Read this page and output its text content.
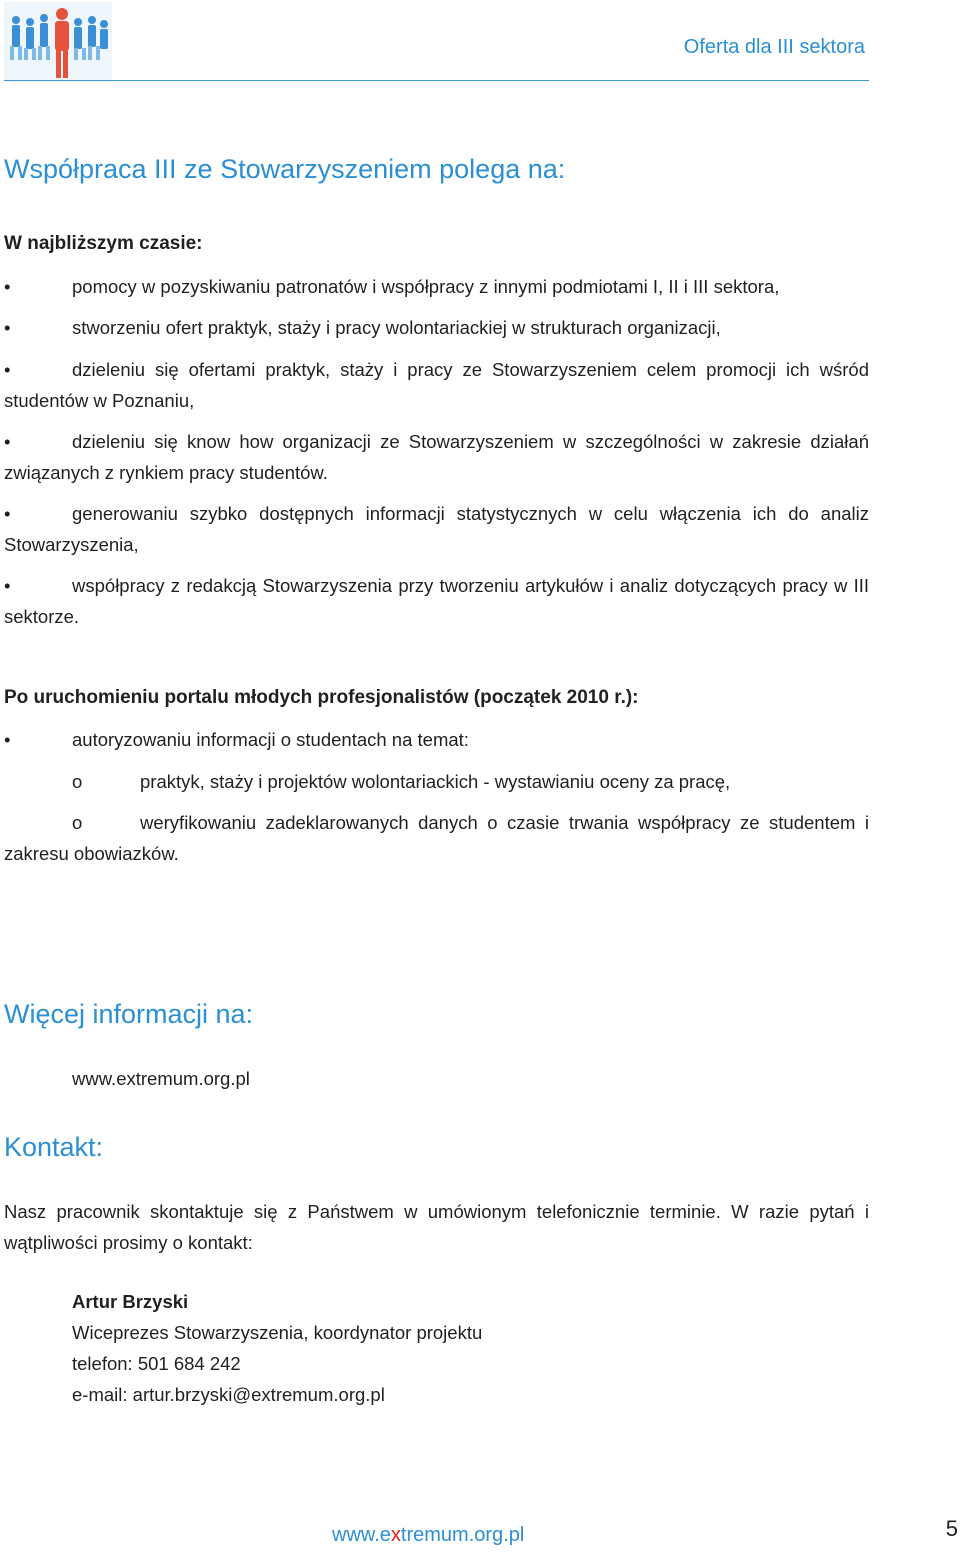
Oferta dla III sektora
Współpraca III ze Stowarzyszeniem polega na:
W najbliższym czasie:
•	pomocy w pozyskiwaniu patronatów i współpracy z innymi podmiotami I, II i III sektora,
•	stworzeniu ofert praktyk, staży i pracy wolontariackiej w strukturach organizacji,
•	dzieleniu się ofertami praktyk, staży i pracy ze Stowarzyszeniem celem promocji ich wśród studentów w Poznaniu,
•	dzieleniu się know how organizacji ze Stowarzyszeniem w szczególności w zakresie działań związanych z rynkiem pracy studentów.
•	generowaniu szybko dostępnych informacji statystycznych w celu włączenia ich do analiz Stowarzyszenia,
•	współpracy z redakcją Stowarzyszenia przy tworzeniu artykułów i analiz dotyczących pracy w III sektorze.
Po uruchomieniu portalu młodych profesjonalistów (początek 2010 r.):
•	autoryzowaniu informacji o studentach na temat:
o	praktyk, staży i projektów wolontariackich - wystawianiu oceny za pracę,
o	weryfikowaniu zadeklarowanych danych o czasie trwania współpracy ze studentem i zakresu obowiazków.
Więcej informacji na:
www.extremum.org.pl
Kontakt:
Nasz pracownik skontaktuje się z Państwem w umówionym telefonicznie terminie. W razie pytań i wątpliwości prosimy o kontakt:
Artur Brzyski
Wiceprezes Stowarzyszenia, koordynator projektu
telefon: 501 684 242
e-mail: artur.brzyski@extremum.org.pl
www.extremum.org.pl	5
